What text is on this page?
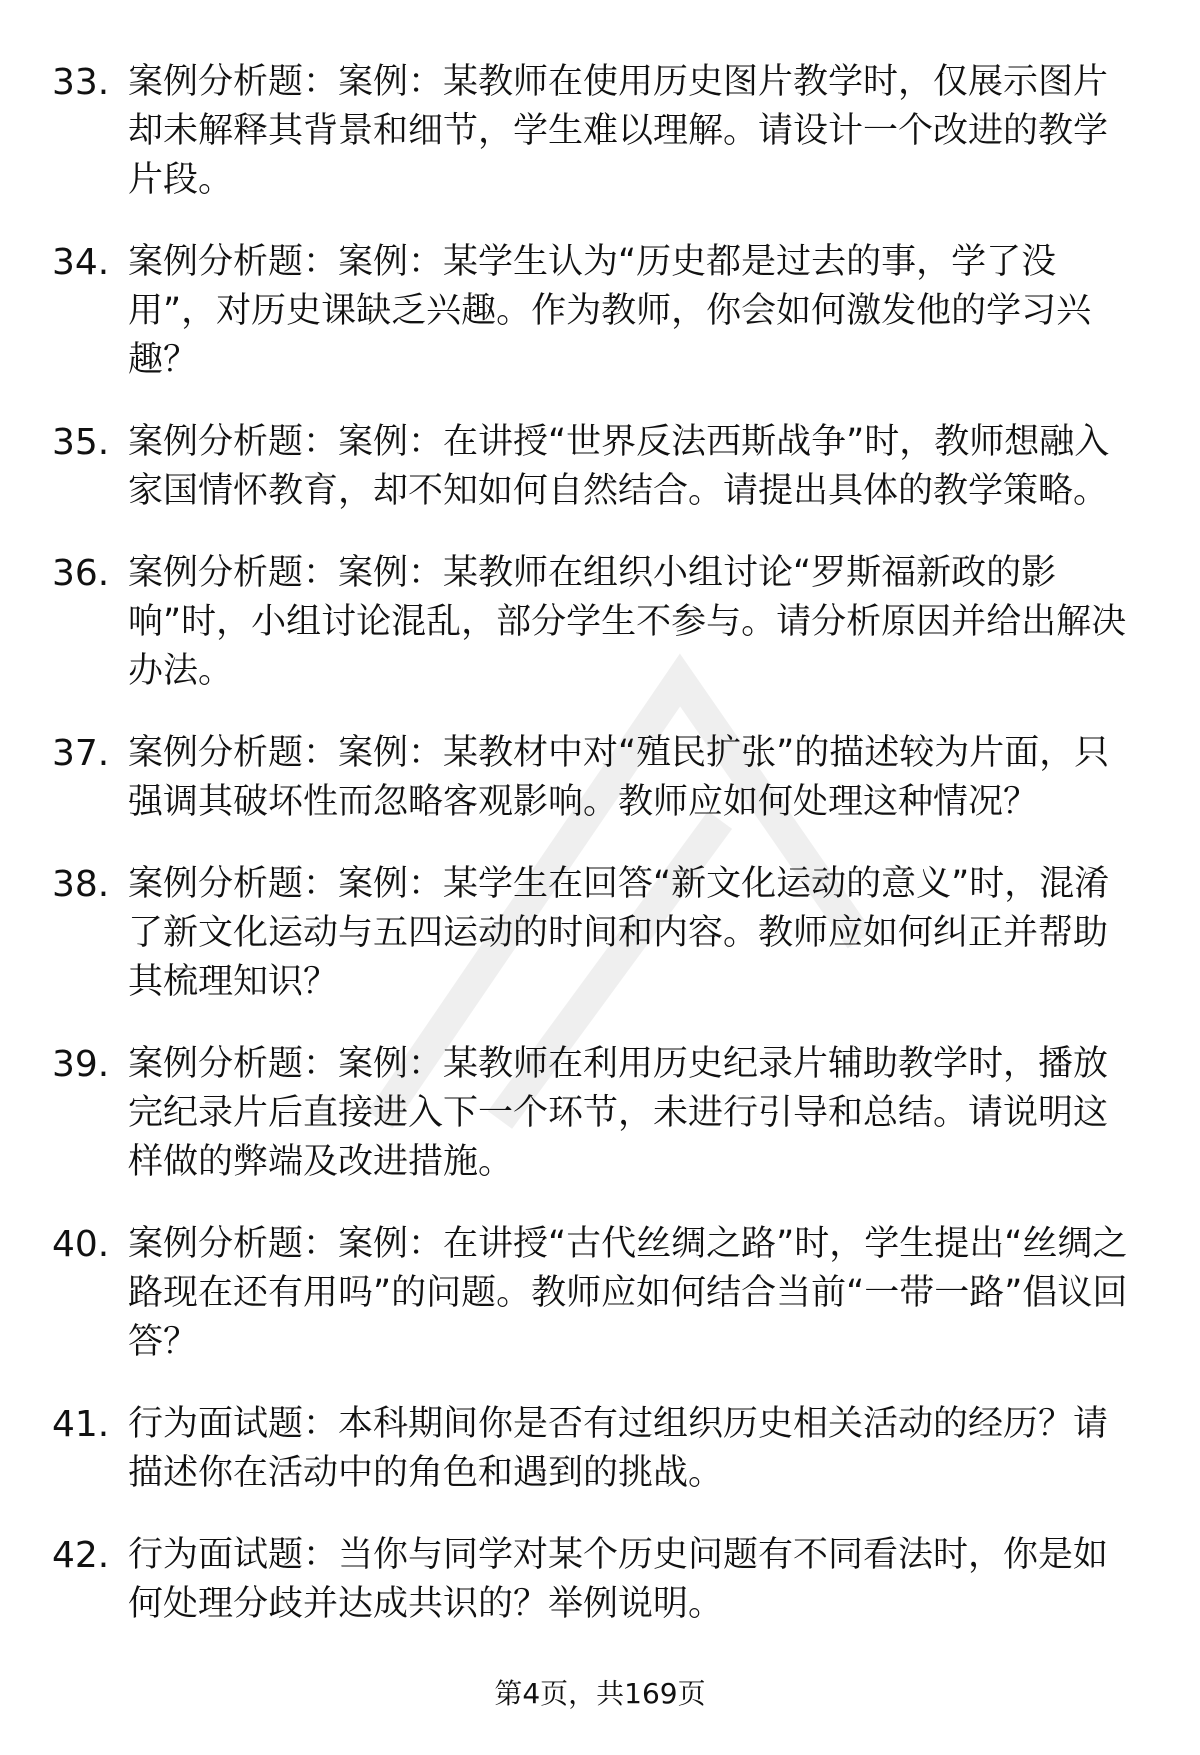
33. 案例分析题：案例：某教师在使用历史图片教学时，仅展示图片却未解释其背景和细节，学生难以理解。请设计一个改进的教学片段。
34. 案例分析题：案例：某学生认为“历史都是过去的事，学了没用”，对历史课缺乏兴趣。作为教师，你会如何激发他的学习兴趣？
35. 案例分析题：案例：在讲授“世界反法西斯战争”时，教师想融入家国情怀教育，却不知如何自然结合。请提出具体的教学策略。
36. 案例分析题：案例：某教师在组织小组讨论“罗斯福新政的影响”时，小组讨论混乱，部分学生不参与。请分析原因并给出解决办法。
37. 案例分析题：案例：某教材中对“殖民扩张”的描述较为片面，只强调其破坏性而忽略客观影响。教师应如何处理这种情况？
38. 案例分析题：案例：某学生在回答“新文化运动的意义”时，混淆了新文化运动与五四运动的时间和内容。教师应如何纠正并帮助其梳理知识？
39. 案例分析题：案例：某教师在利用历史纪录片辅助教学时，播放完纪录片后直接进入下一个环节，未进行引导和总结。请说明这样做的弊端及改进措施。
40. 案例分析题：案例：在讲授“古代丝绸之路”时，学生提出“丝绸之路现在还有用吗”的问题。教师应如何结合当前“一带一路”倡议回答？
41. 行为面试题：本科期间你是否有过组织历史相关活动的经历？请描述你在活动中的角色和遇到的挑战。
42. 行为面试题：当你与同学对某个历史问题有不同看法时，你是如何处理分歧并达成共识的？举例说明。
第4页，共169页
